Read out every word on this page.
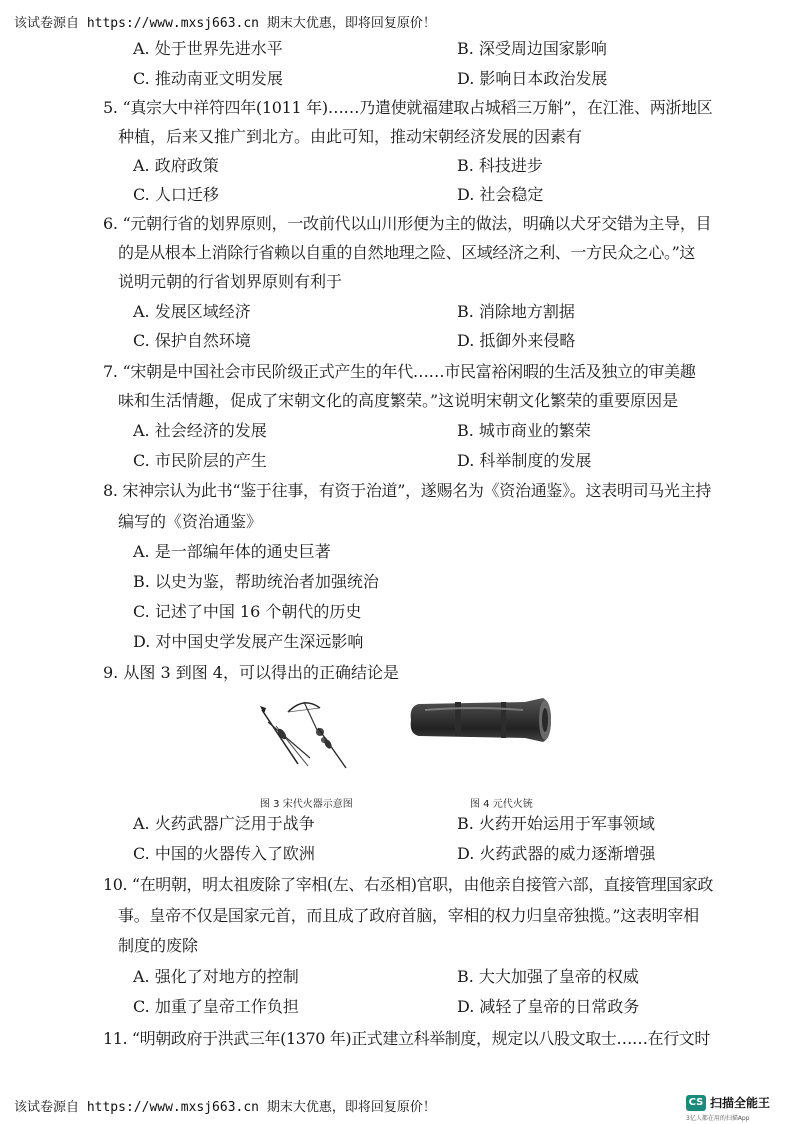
该试卷源自 https://www.mxsj663.cn 期末大优惠，即将回复原价！
A. 处于世界先进水平	B. 深受周边国家影响
C. 推动南亚文明发展	D. 影响日本政治发展
5. “真宗大中祥符四年(1011 年)……乃遣使就福建取占城稻三万斛”，在江淮、两浙地区
种植，后来又推广到北方。由此可知，推动宋朝经济发展的因素有
A. 政府政策	B. 科技进步
C. 人口迁移	D. 社会稳定
6. “元朝行省的划界原则，一改前代以山川形便为主的做法，明确以犬牙交错为主导，目
的是从根本上消除行省赖以自重的自然地理之险、区域经济之利、一方民众之心。”这
说明元朝的行省划界原则有利于
A. 发展区域经济	B. 消除地方割据
C. 保护自然环境	D. 抵御外来侵略
7. “宋朝是中国社会市民阶级正式产生的年代……市民富裕闲暇的生活及独立的审美趣
味和生活情趣，促成了宋朝文化的高度繁荣。”这说明宋朝文化繁荣的重要原因是
A. 社会经济的发展	B. 城市商业的繁荣
C. 市民阶层的产生	D. 科举制度的发展
8. 宋神宗认为此书“鉴于往事，有资于治道”，遂赐名为《资治通鉴》。这表明司马光主持
编写的《资治通鉴》
A. 是一部编年体的通史巨著
B. 以史为鉴，帮助统治者加强统治
C. 记述了中国 16 个朝代的历史
D. 对中国史学发展产生深远影响
9. 从图 3 到图 4，可以得出的正确结论是
图 3 宋代火器示意图	图 4 元代火铳
A. 火药武器广泛用于战争	B. 火药开始运用于军事领域
C. 中国的火器传入了欧洲	D. 火药武器的威力逐渐增强
10. “在明朝，明太祖废除了宰相(左、右丞相)官职，由他亲自接管六部，直接管理国家政
事。皇帝不仅是国家元首，而且成了政府首脑，宰相的权力归皇帝独揽。”这表明宰相
制度的废除
A. 强化了对地方的控制	B. 大大加强了皇帝的权威
C. 加重了皇帝工作负担	D. 减轻了皇帝的日常政务
11. “明朝政府于洪武三年(1370 年)正式建立科举制度，规定以八股文取士……在行文时
该试卷源自 https://www.mxsj663.cn 期末大优惠，即将回复原价！	CS 扫描全能王
3亿人都在用的扫描App
